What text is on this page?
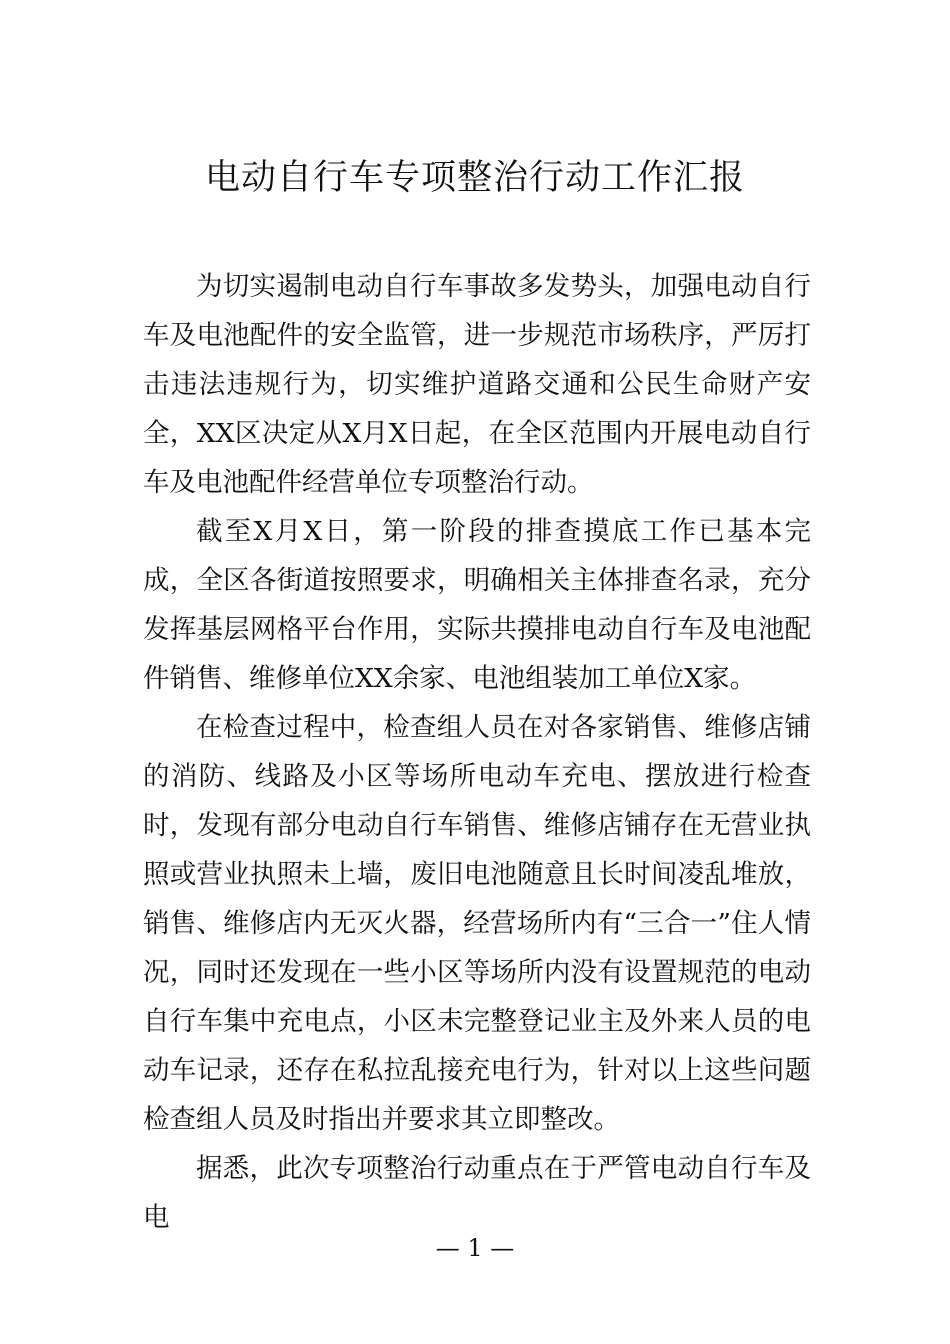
电动自行车专项整治行动工作汇报

为切实遏制电动自行车事故多发势头，加强电动自行车及电池配件的安全监管，进一步规范市场秩序，严厉打击违法违规行为，切实维护道路交通和公民生命财产安全，XX区决定从X月X日起，在全区范围内开展电动自行车及电池配件经营单位专项整治行动。

截至X月X日，第一阶段的排查摸底工作已基本完成，全区各街道按照要求，明确相关主体排查名录，充分发挥基层网格平台作用，实际共摸排电动自行车及电池配件销售、维修单位XX余家、电池组装加工单位X家。

在检查过程中，检查组人员在对各家销售、维修店铺的消防、线路及小区等场所电动车充电、摆放进行检查时，发现有部分电动自行车销售、维修店铺存在无营业执照或营业执照未上墙，废旧电池随意且长时间凌乱堆放，销售、维修店内无灭火器，经营场所内有“三合一”住人情况，同时还发现在一些小区等场所内没有设置规范的电动自行车集中充电点，小区未完整登记业主及外来人员的电动车记录，还存在私拉乱接充电行为，针对以上这些问题检查组人员及时指出并要求其立即整改。

据悉，此次专项整治行动重点在于严管电动自行车及电

— 1 —
